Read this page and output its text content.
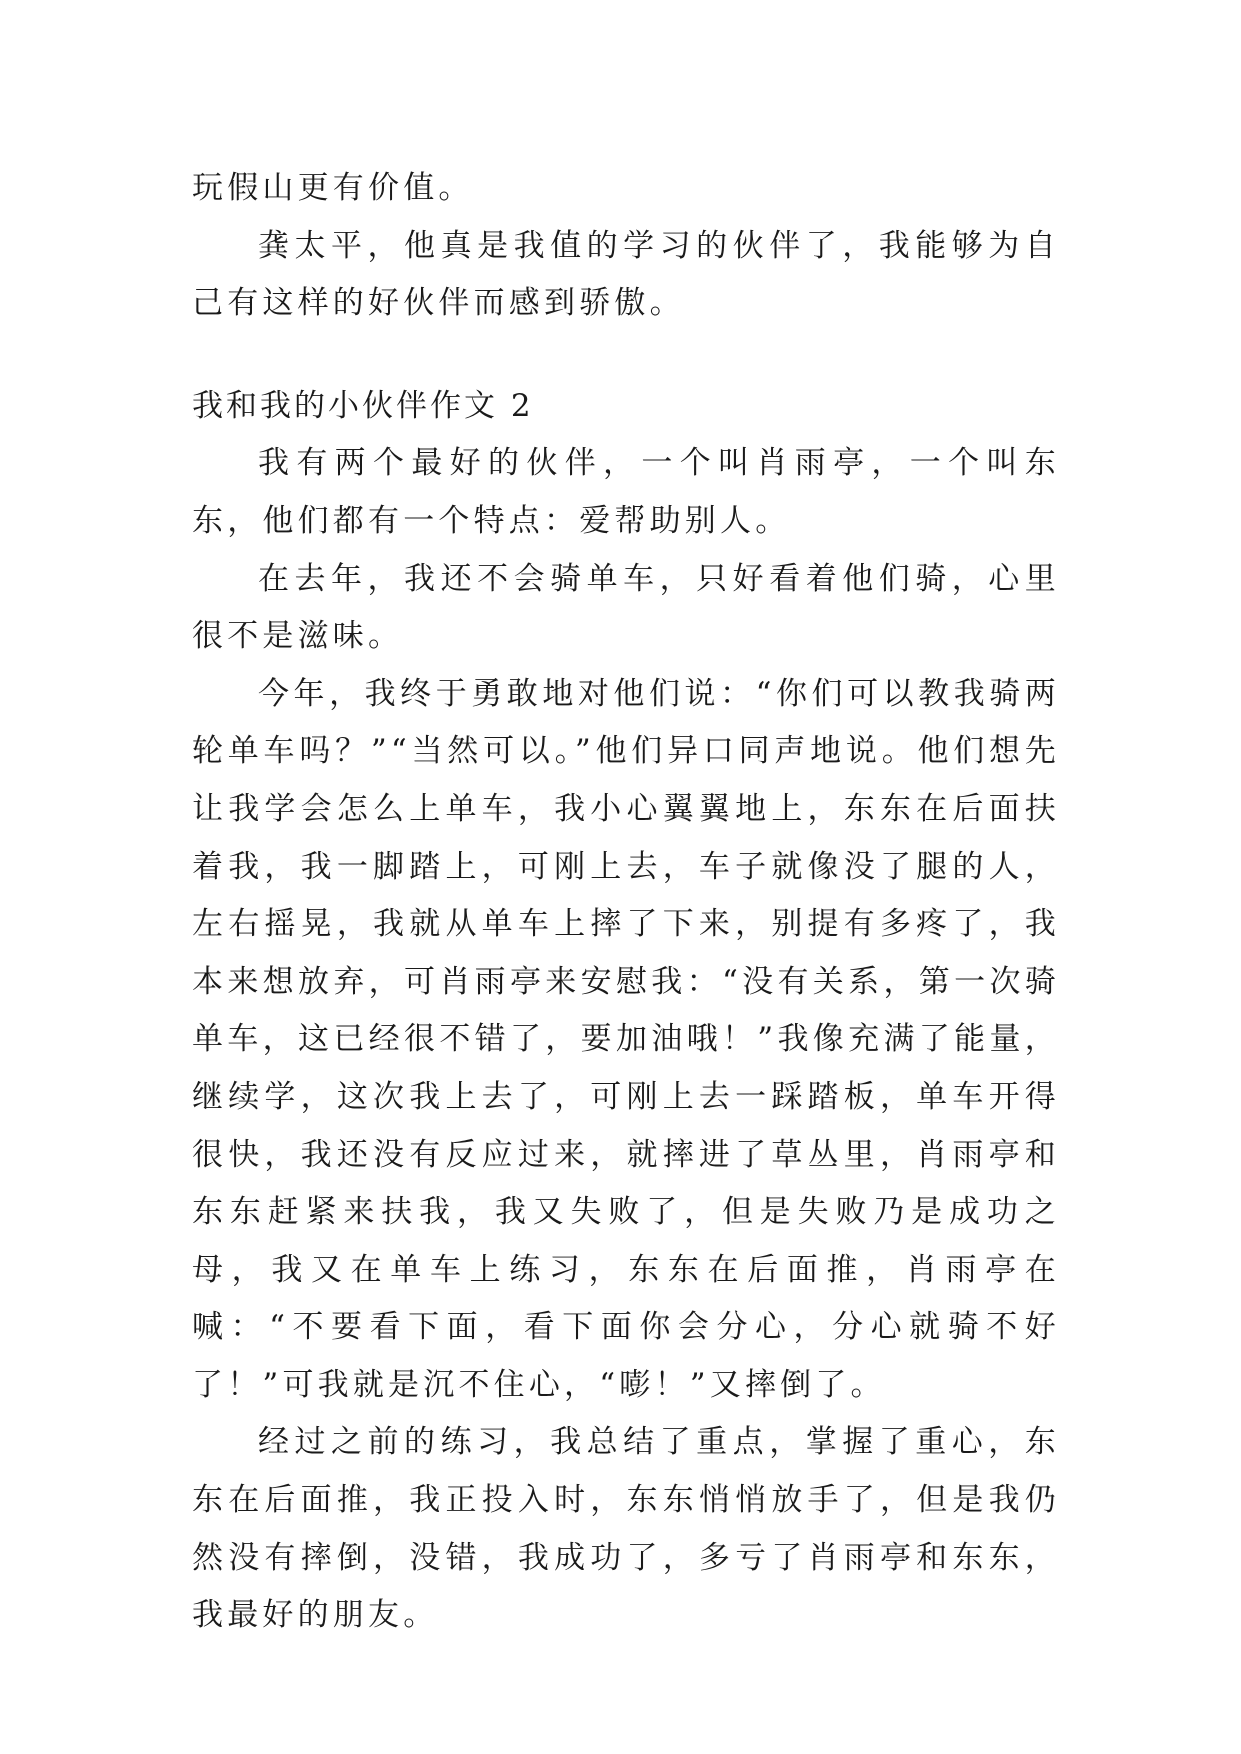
玩假山更有价值。

龚太平，他真是我值的学习的伙伴了，我能够为自己有这样的好伙伴而感到骄傲。

我和我的小伙伴作文 2

我有两个最好的伙伴，一个叫肖雨亭，一个叫东东，他们都有一个特点：爱帮助别人。

在去年，我还不会骑单车，只好看着他们骑，心里很不是滋味。

今年，我终于勇敢地对他们说：“你们可以教我骑两轮单车吗？”“当然可以。”他们异口同声地说。他们想先让我学会怎么上单车，我小心翼翼地上，东东在后面扶着我，我一脚踏上，可刚上去，车子就像没了腿的人，左右摇晃，我就从单车上摔了下来，别提有多疼了，我本来想放弃，可肖雨亭来安慰我：“没有关系，第一次骑单车，这已经很不错了，要加油哦！”我像充满了能量，继续学，这次我上去了，可刚上去一踩踏板，单车开得很快，我还没有反应过来，就摔进了草丛里，肖雨亭和东东赶紧来扶我，我又失败了，但是失败乃是成功之母，我又在单车上练习，东东在后面推，肖雨亭在喊：“不要看下面，看下面你会分心，分心就骑不好了！”可我就是沉不住心，“嘭！”又摔倒了。

经过之前的练习，我总结了重点，掌握了重心，东东在后面推，我正投入时，东东悄悄放手了，但是我仍然没有摔倒，没错，我成功了，多亏了肖雨亭和东东，我最好的朋友。
